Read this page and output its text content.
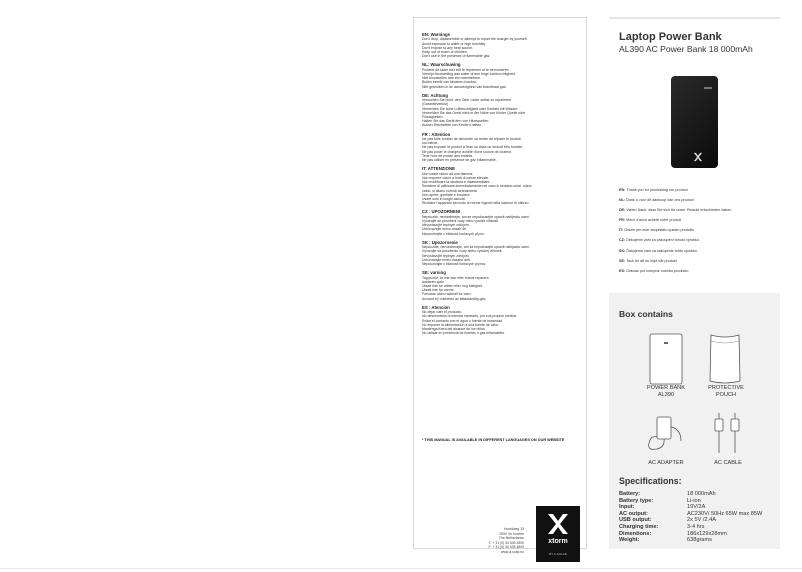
EN: Warnings
Don't drop, disassemble or attempt to repair the charger by yourself.
Avoid exposure to water or high humidity.
Don't expose to any heat source.
Keep out of reach of children.
Don't use in the presence of flammable gas.
NL: Waarschuwing
Probeer de lader niet zelf te repareren of te demonteren.
Vermijd blootstelling aan water of een hoge luchtvochtigheid.
Niet blootstellen aan een warmtebron.
Buiten bereik van kinderen houden.
Niet gebruiken in de aanwezigheid van brandbaar gas.
DE: Achtung
Versuchen Sie nicht, den Oder Lader selbst zu reparieren.
(Garantieverlust)
Vermeiden Sie hohe Luftfeuchtigkeit oder Kontakt mit Wasser.
Vermeiden Sie das Gerät nicht in der Nähe von Kinder Quelle oder
Flüssigkeiten.
Halten Sie das Gerät fern von Hitzequellen.
Ausser Reichweite von Kindern halten.
FR : Attention
Ne pas faire tomber de démonter ou tenter de réparer le produit
soi-même.
Ne pas exposer le produit à l'eau ou dans un endroit très humide.
Ne pas poser le chargeur achète d'une source de chaleur.
Tenir hors de portée des enfants.
Ne pas utiliser en présence de gaz inflammable.
IT: ATTENZIONE
Non usare vicino ad una fiamma.
Non esporre vicino a fonti di calore elevate.
Non modificare la struttura e disassemblare.
Smettere di utilizzare immediatamente nel caso si sentano odori, siano
caldo, si stiano corrodi stranamente.
Non aprire, gonfiare e bruciare.
Usare solo in luoghi asciutti.
Riciclare l'apparato secondo le norme vigenti nella nazione di utilizzo.
CZ : UPOZORNENI
Nepouzito, nerozebirejte, ani se nepokousejte opravit nabijecku sami.
Vyvarujte se pusobeni vody nebo vysoke vlhkosti.
Nevystavujte teplnym zdrojum.
Uchovavejte mimo dosah dti.
Nepouzivejte v blizkosti horlavych plynu.
SK : Upozornenie
Nepouzitie, nerozoberajte, ani sa nepokusajte opravit nabijacku sami.
Vyvarujte sa pusobeniu vody alebo vysokej vlhkosti.
Nevystavujte teplnym zdrojom.
Uchovavajte mimo dosahu deti.
Nepouzivajte v blizkosti horlavych plynov.
SE: varning
Tappa inte, ta inte isar eller forsok reparera
laddaren sjalv.
Utsatt inte for vatten eller hog fuktighet.
Utsatt inte for varme.
Forvaras utom rackhall for barn.
Anvand ej i narheten av lattantandlig gas.
ES : Atención
No dejar caer el producto.
No desmontarlo ni intentar repararlo, por sus propios medios.
Evitar el contacto con el agua o fuente de humedad.
No exponer la alimentación a una fuente de calor.
Mantenga fuera del alcance de los niños.
No utilizar en presencia de fuentes o gas inflamables.
* THIS MANUAL IS AVAILABLE IN DIFFERENT LANGUAGES ON OUR WEBSITE
Hoofdweg 15
3090 Xn Houten
The Netherlands
T: + 31 (0) 30 635 4800
F: + 31 (0) 30 635 4809
www.a-solar.eu
xtorm
BY A-SOLAR
Laptop Power Bank
AL390 AC Power Bank 18 000mAh
EN: Thank you for purchasing our product
NL: Dank u voor de aankoop van ons product
DE: Vielen Dank, dass Sie sich für unser Produkt entschieden haben
FR: Merci d'avoir acheté notre produit
IT: Grazie per aver acquistato questo prodotto
CZ: Děkujeme vám za zakoupení tohoto výrobku
SK: Ďakujeme vám za zakúpenie tohto výrobku
SE: Tack för att du köpt vår produkt
ES: Gracias por comprar nuestro producto
Box contains
POWER BANK
AL390
PROTECTIVE
POUCH
AC ADAPTER	AC CABLE
Specifications:
Battery:	18 000mAh
Battery type:	Li-ion
Input:	19V/2A
AC output:	AC230V/ 50Hz 65W max 85W
USB output:	2x 5V /2.4A
Charging time:	3-4 hrs
Dimentions:	186x129x28mm
Weight:	638grams
